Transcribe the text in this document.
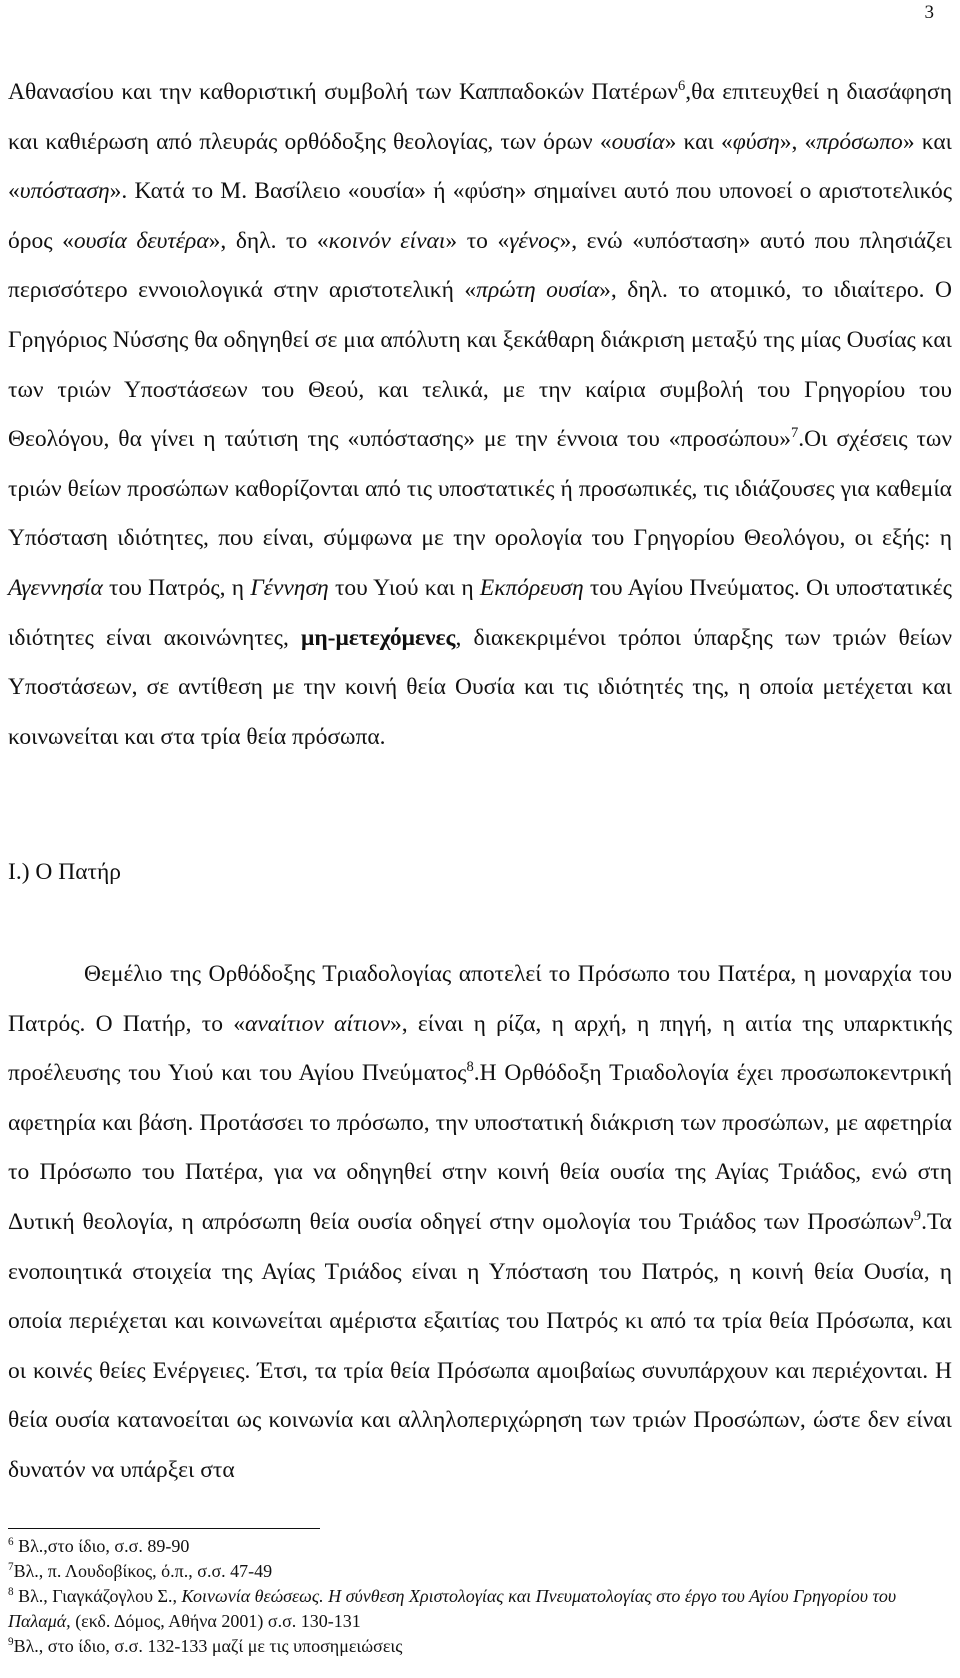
3
Αθανασίου και την καθοριστική συμβολή των Καππαδοκών Πατέρων$^6$,θα επιτευχθεί η διασάφηση και καθιέρωση από πλευράς ορθόδοξης θεολογίας, των όρων «ουσία» και «φύση», «πρόσωπο» και «υπόσταση». Κατά το Μ. Βασίλειο «ουσία» ή «φύση» σημαίνει αυτό που υπονοεί ο αριστοτελικός όρος «ουσία δευτέρα», δηλ. το «κοινόν είναι» το «γένος», ενώ «υπόσταση» αυτό που πλησιάζει περισσότερο εννοιολογικά στην αριστοτελική «πρώτη ουσία», δηλ. το ατομικό, το ιδιαίτερο. Ο Γρηγόριος Νύσσης θα οδηγηθεί σε μια απόλυτη και ξεκάθαρη διάκριση μεταξύ της μίας Ουσίας και των τριών Υποστάσεων του Θεού, και τελικά, με την καίρια συμβολή του Γρηγορίου του Θεολόγου, θα γίνει η ταύτιση της «υπόστασης» με την έννοια του «προσώπου»$^7$.Οι σχέσεις των τριών θείων προσώπων καθορίζονται από τις υποστατικές ή προσωπικές, τις ιδιάζουσες για καθεμία Υπόσταση ιδιότητες, που είναι, σύμφωνα με την ορολογία του Γρηγορίου Θεολόγου, οι εξής: η Αγεννησία του Πατρός, η Γέννηση του Υιού και η Εκπόρευση του Αγίου Πνεύματος. Οι υποστατικές ιδιότητες είναι ακοινώνητες, μη-μετεχόμενες, διακεκριμένοι τρόποι ύπαρξης των τριών θείων Υποστάσεων, σε αντίθεση με την κοινή θεία Ουσία και τις ιδιότητές της, η οποία μετέχεται και κοινωνείται και στα τρία θεία πρόσωπα.
I.) Ο Πατήρ
Θεμέλιο της Ορθόδοξης Τριαδολογίας αποτελεί το Πρόσωπο του Πατέρα, η μοναρχία του Πατρός. Ο Πατήρ, το «αναίτιον αίτιον», είναι η ρίζα, η αρχή, η πηγή, η αιτία της υπαρκτικής προέλευσης του Υιού και του Αγίου Πνεύματος$^8$.Η Ορθόδοξη Τριαδολογία έχει προσωποκεντρική αφετηρία και βάση. Προτάσσει το πρόσωπο, την υποστατική διάκριση των προσώπων, με αφετηρία το Πρόσωπο του Πατέρα, για να οδηγηθεί στην κοινή θεία ουσία της Αγίας Τριάδος, ενώ στη Δυτική θεολογία, η απρόσωπη θεία ουσία οδηγεί στην ομολογία του Τριάδος των Προσώπων$^9$.Τα ενοποιητικά στοιχεία της Αγίας Τριάδος είναι η Υπόσταση του Πατρός, η κοινή θεία Ουσία, η οποία περιέχεται και κοινωνείται αμέριστα εξαιτίας του Πατρός κι από τα τρία θεία Πρόσωπα, και οι κοινές θείες Ενέργειες. Έτσι, τα τρία θεία Πρόσωπα αμοιβαίως συνυπάρχουν και περιέχονται. Η θεία ουσία κατανοείται ως κοινωνία και αλληλοπεριχώρηση των τριών Προσώπων, ώστε δεν είναι δυνατόν να υπάρξει στα

$^6$ Βλ.,στο ίδιο, σ.σ. 89-90

$^7$Βλ., π. Λουδοβίκος, ό.π., σ.σ. 47-49

$^8$ Βλ., Γιαγκάζογλου Σ., Κοινωνία θεώσεως. Η σύνθεση Χριστολογίας και Πνευματολογίας στο έργο του Αγίου Γρηγορίου του Παλαμά, (εκδ. Δόμος, Αθήνα 2001) σ.σ. 130-131

$^9$Βλ., στο ίδιο, σ.σ. 132-133 μαζί με τις υποσημειώσεις
